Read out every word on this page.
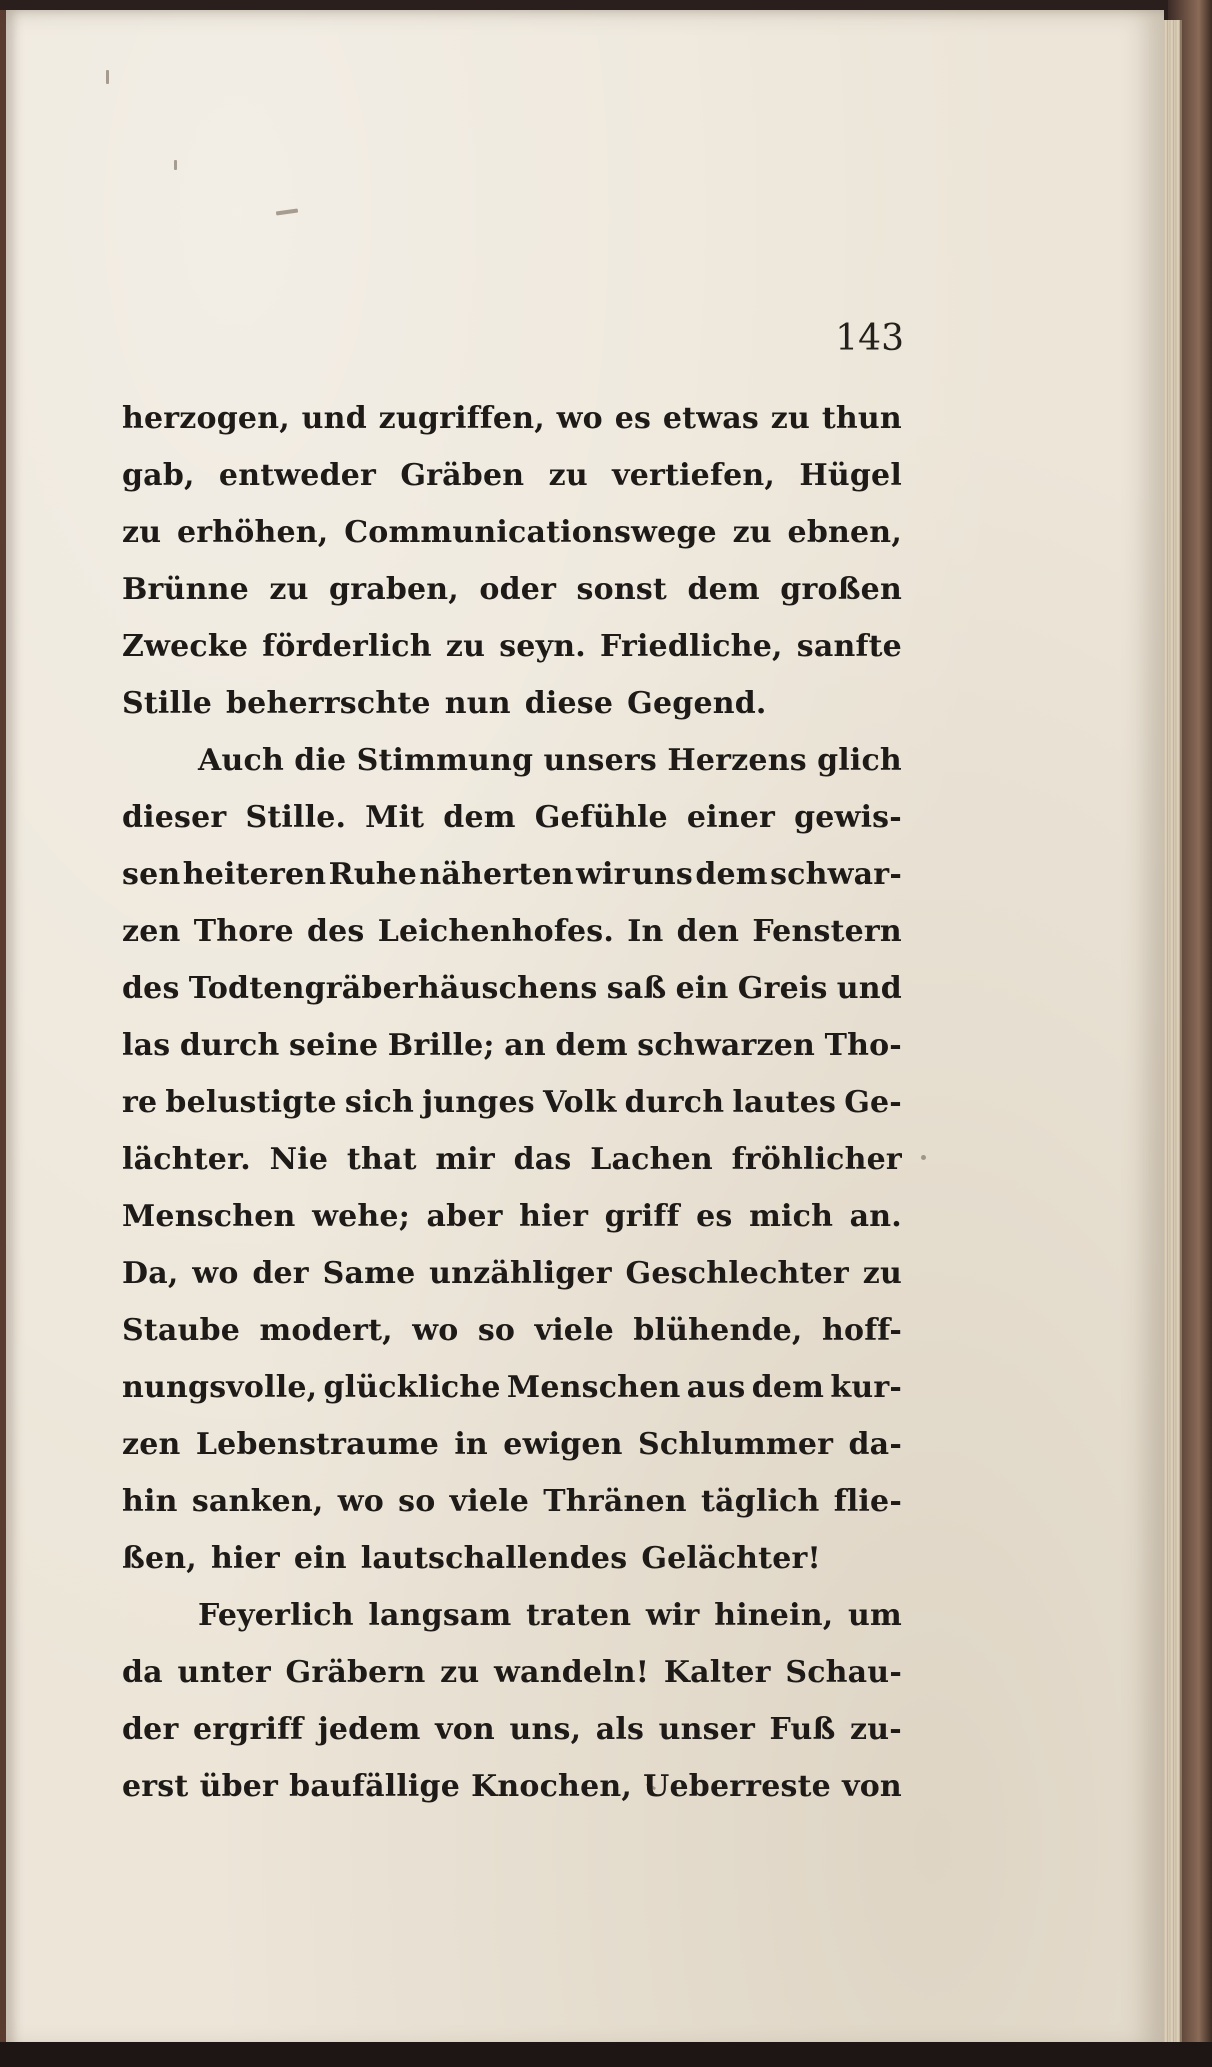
143
herzogen, und zugriffen, wo es etwas zu thun
gab, entweder Gräben zu vertiefen, Hügel
zu erhöhen, Communicationswege zu ebnen,
Brünne zu graben, oder sonst dem großen
Zwecke förderlich zu seyn. Friedliche, sanfte
Stille beherrschte nun diese Gegend.
Auch die Stimmung unsers Herzens glich
dieser Stille. Mit dem Gefühle einer gewis-
sen heiteren Ruhe näherten wir uns dem schwar-
zen Thore des Leichenhofes. In den Fenstern
des Todtengräberhäuschens saß ein Greis und
las durch seine Brille; an dem schwarzen Tho-
re belustigte sich junges Volk durch lautes Ge-
lächter. Nie that mir das Lachen fröhlicher
Menschen wehe; aber hier griff es mich an.
Da, wo der Same unzähliger Geschlechter zu
Staube modert, wo so viele blühende, hoff-
nungsvolle, glückliche Menschen aus dem kur-
zen Lebenstraume in ewigen Schlummer da-
hin sanken, wo so viele Thränen täglich flie-
ßen, hier ein lautschallendes Gelächter!
Feyerlich langsam traten wir hinein, um
da unter Gräbern zu wandeln! Kalter Schau-
der ergriff jedem von uns, als unser Fuß zu-
erst über baufällige Knochen, Ueberreste von
